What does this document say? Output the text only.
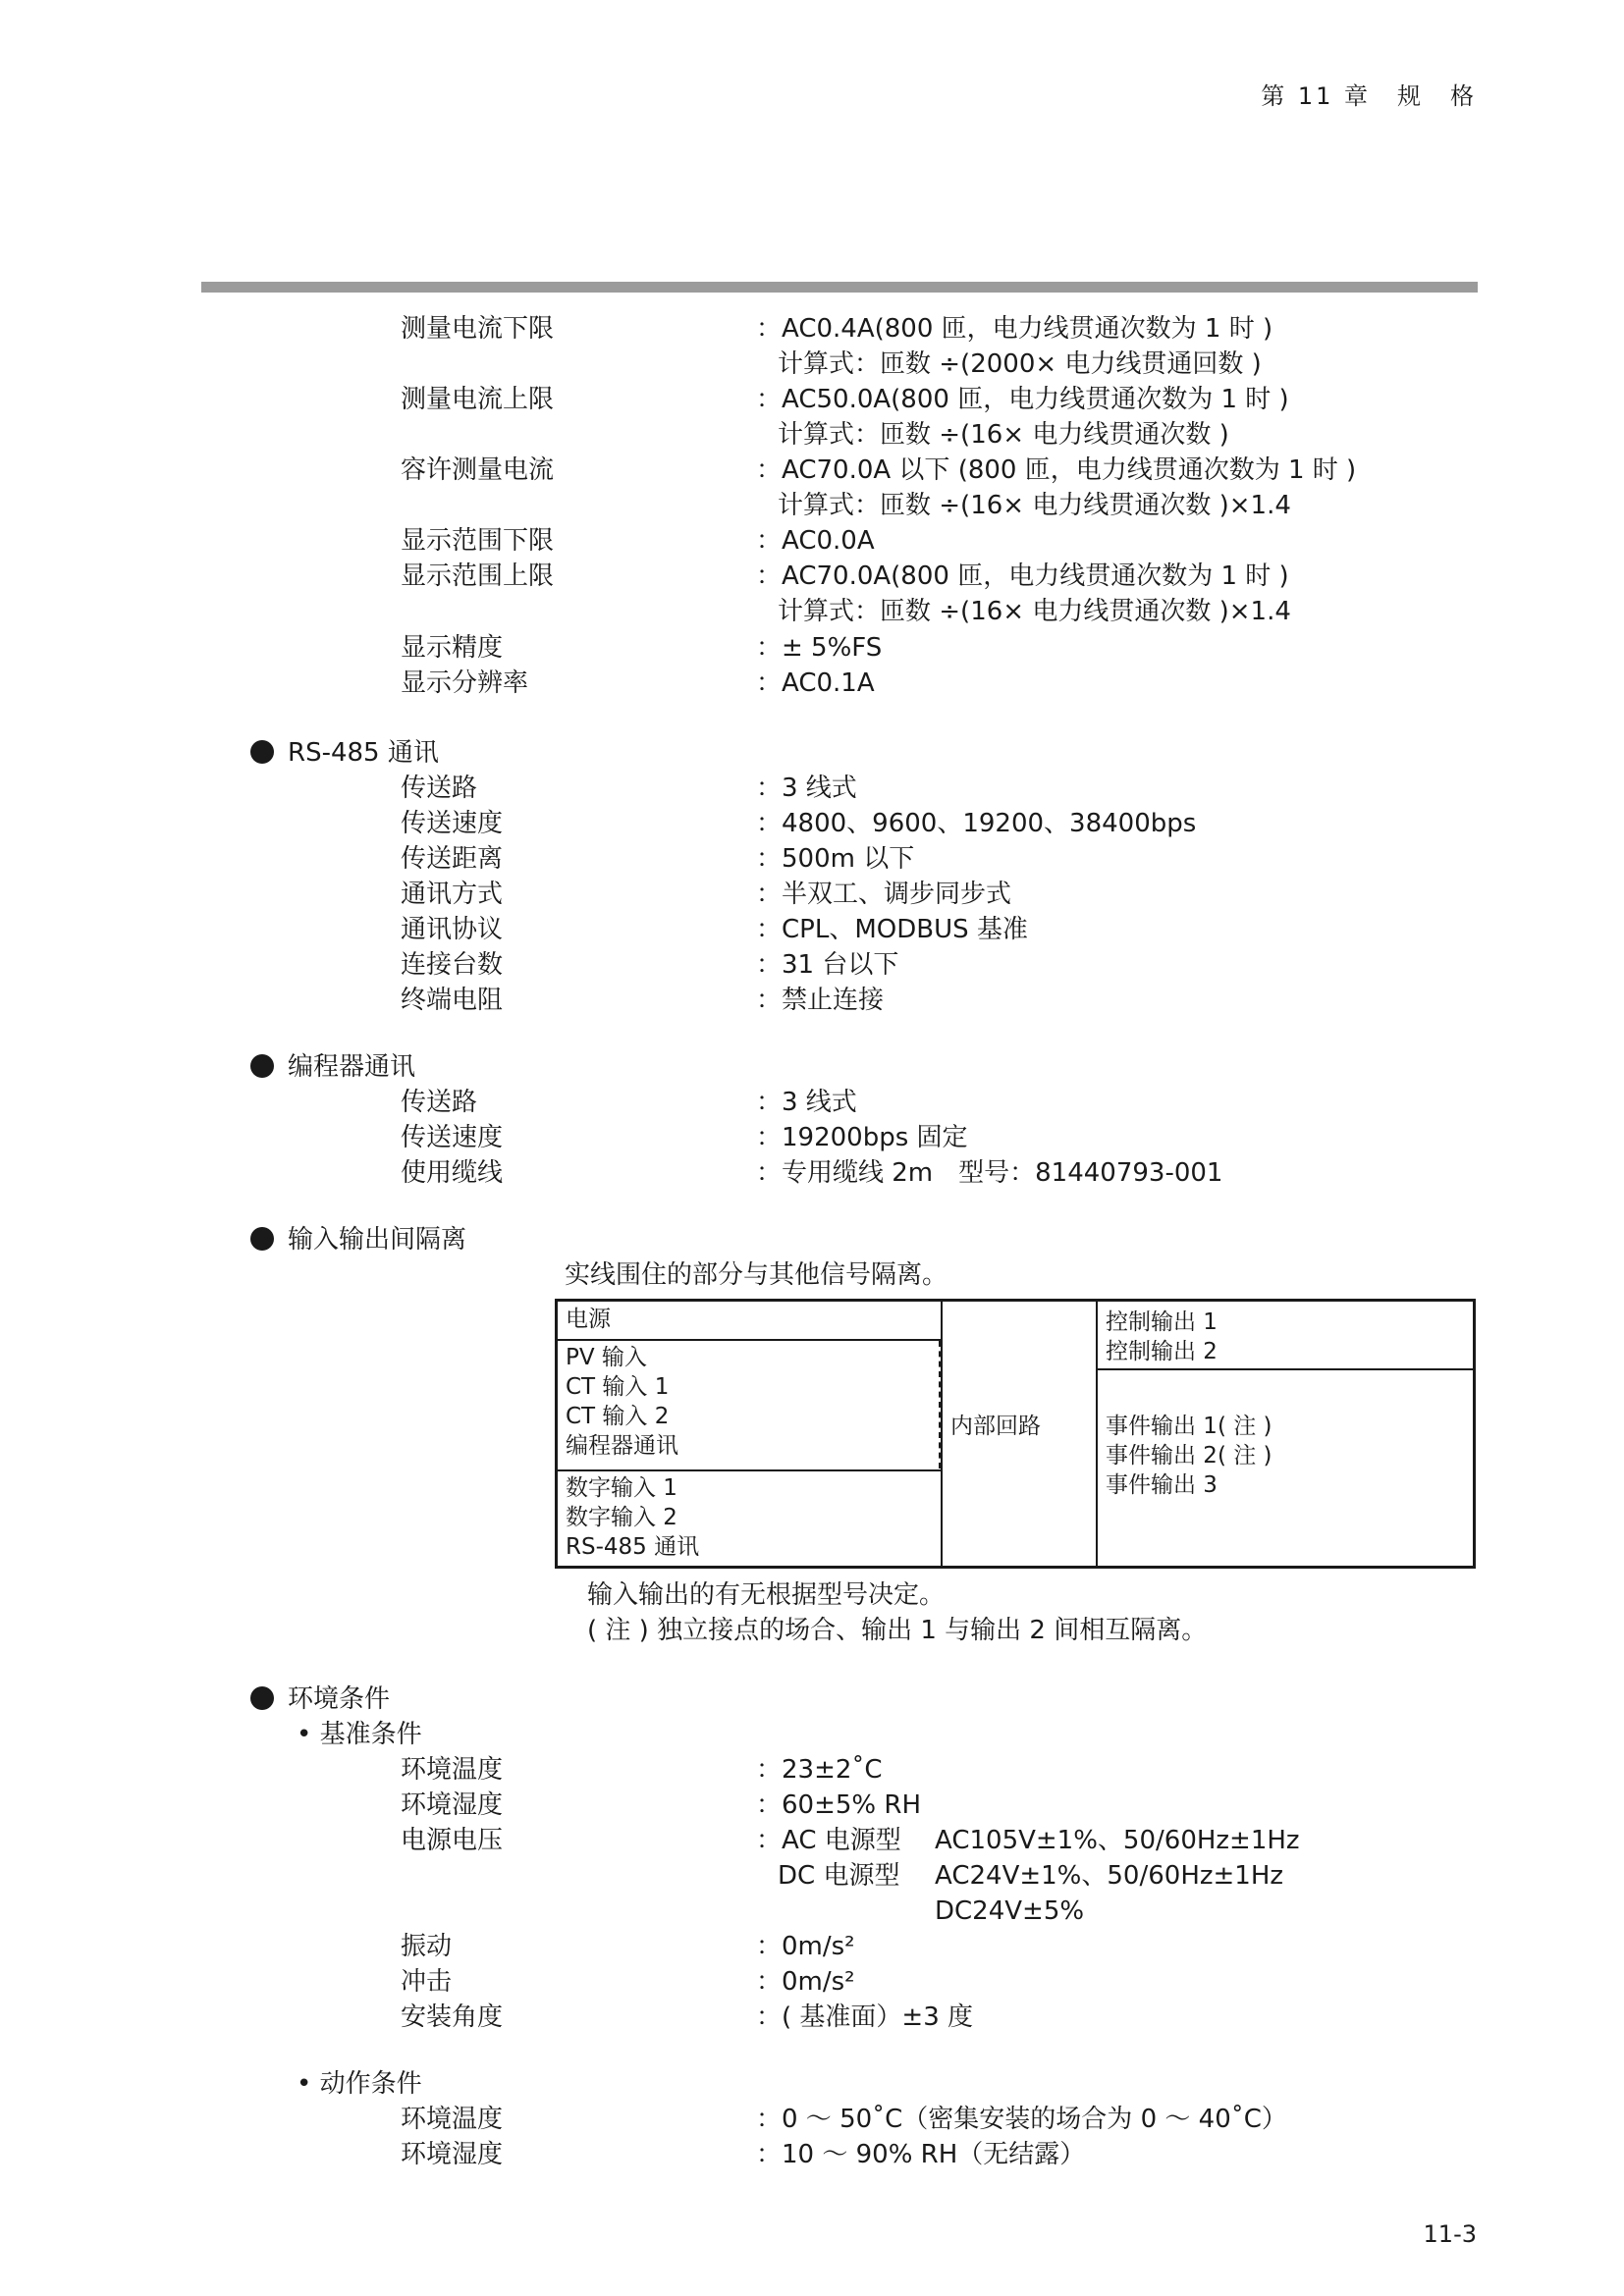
第 11 章　规　格
测量电流下限	：AC0.4A(800 匝，电力线贯通次数为 1 时 )
计算式：匝数 ÷(2000× 电力线贯通回数 )
测量电流上限	：AC50.0A(800 匝，电力线贯通次数为 1 时 )
计算式：匝数 ÷(16× 电力线贯通次数 )
容许测量电流	：AC70.0A 以下 (800 匝，电力线贯通次数为 1 时 )
计算式：匝数 ÷(16× 电力线贯通次数 )×1.4
显示范围下限	：AC0.0A
显示范围上限	：AC70.0A(800 匝，电力线贯通次数为 1 时 )
计算式：匝数 ÷(16× 电力线贯通次数 )×1.4
显示精度	：± 5%FS
显示分辨率	：AC0.1A
RS-485 通讯
传送路	：3 线式
传送速度	：4800、9600、19200、38400bps
传送距离	：500m 以下
通讯方式	：半双工、调步同步式
通讯协议	：CPL、MODBUS 基准
连接台数	：31 台以下
终端电阻	：禁止连接
编程器通讯
传送路	：3 线式
传送速度	：19200bps 固定
使用缆线	：专用缆线 2m　型号：81440793-001
输入输出间隔离
实线围住的部分与其他信号隔离。
电源
PV 输入
CT 输入 1
CT 输入 2
编程器通讯
数字输入 1
数字输入 2
RS-485 通讯
内部回路
控制输出 1
控制输出 2
事件输出 1( 注 )
事件输出 2( 注 )
事件输出 3
输入输出的有无根据型号决定。
( 注 ) 独立接点的场合、输出 1 与输出 2 间相互隔离。
环境条件
• 基准条件
环境温度	：23±2˚C
环境湿度	：60±5% RH
电源电压	：AC 电源型 AC105V±1%、50/60Hz±1Hz
DC 电源型 AC24V±1%、50/60Hz±1Hz
DC24V±5%
振动	：0m/s²
冲击	：0m/s²
安装角度	：( 基准面）±3 度
• 动作条件
环境温度	：0 ～ 50˚C（密集安装的场合为 0 ～ 40˚C）
环境湿度	：10 ～ 90% RH（无结露）
11-3
